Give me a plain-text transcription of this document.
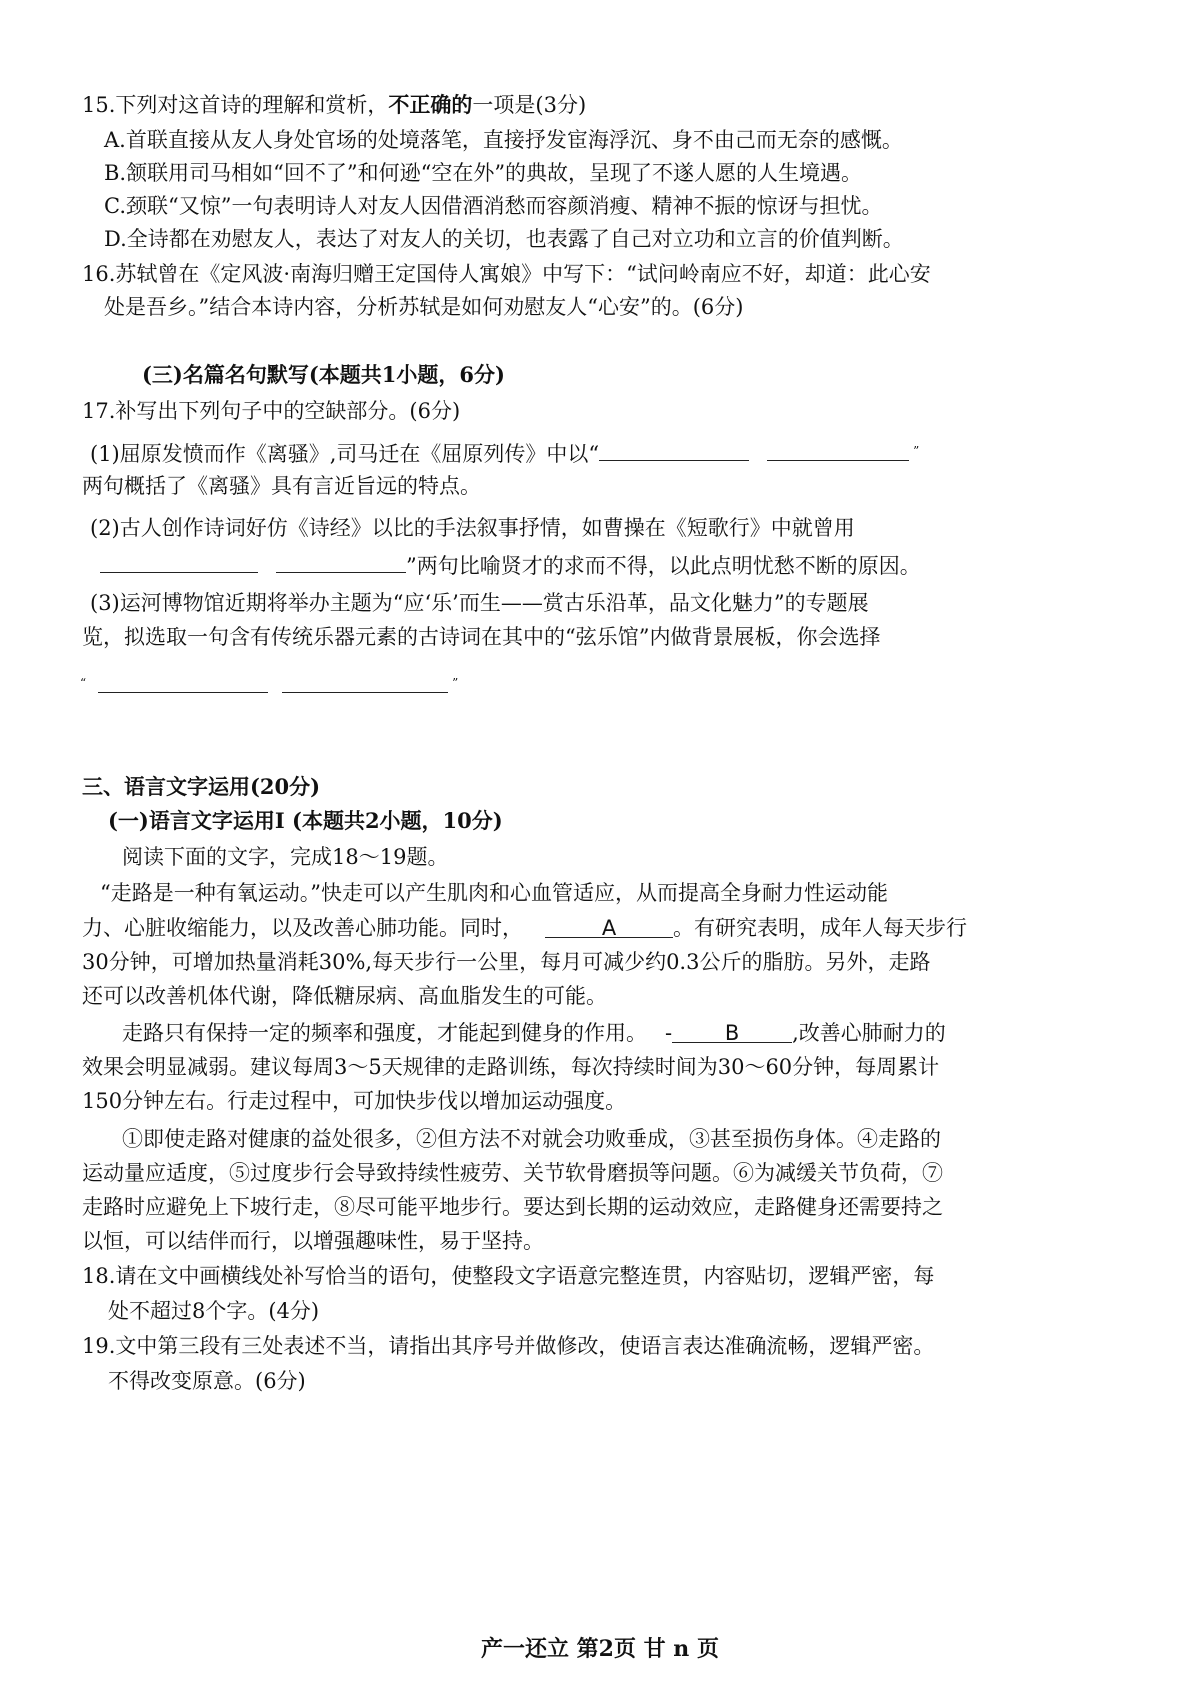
15.下列对这首诗的理解和赏析，不正确的一项是(3分)
A.首联直接从友人身处官场的处境落笔，直接抒发宦海浮沉、身不由己而无奈的感慨。
B.颔联用司马相如“回不了”和何逊“空在外”的典故，呈现了不遂人愿的人生境遇。
C.颈联“又惊”一句表明诗人对友人因借酒消愁而容颜消瘦、精神不振的惊讶与担忧。
D.全诗都在劝慰友人，表达了对友人的关切，也表露了自己对立功和立言的价值判断。
16.苏轼曾在《定风波·南海归赠王定国侍人寓娘》中写下：“试问岭南应不好，却道：此心安
处是吾乡。”结合本诗内容，分析苏轼是如何劝慰友人“心安”的。(6分)
(三)名篇名句默写(本题共1小题，6分)
17.补写出下列句子中的空缺部分。(6分)
(1)屈原发愤而作《离骚》,司马迁在《屈原列传》中以“	”
两句概括了《离骚》具有言近旨远的特点。
(2)古人创作诗词好仿《诗经》以比的手法叙事抒情，如曹操在《短歌行》中就曾用
”两句比喻贤才的求而不得，以此点明忧愁不断的原因。
(3)运河博物馆近期将举办主题为“应‘乐’而生——赏古乐沿革，品文化魅力”的专题展
览，拟选取一句含有传统乐器元素的古诗词在其中的“弦乐馆”内做背景展板，你会选择
“	”
三、语言文字运用(20分)
(一)语言文字运用Ⅰ (本题共2小题，10分)
阅读下面的文字，完成18～19题。
“走路是一种有氧运动。”快走可以产生肌肉和心血管适应，从而提高全身耐力性运动能
力、心脏收缩能力，以及改善心肺功能。同时，	A	。有研究表明，成年人每天步行
30分钟，可增加热量消耗30%,每天步行一公里，每月可减少约0.3公斤的脂肪。另外，走路
还可以改善机体代谢，降低糖尿病、高血脂发生的可能。
走路只有保持一定的频率和强度，才能起到健身的作用。 -	B	,改善心肺耐力的
效果会明显减弱。建议每周3～5天规律的走路训练，每次持续时间为30～60分钟，每周累计
150分钟左右。行走过程中，可加快步伐以增加运动强度。
①即使走路对健康的益处很多，②但方法不对就会功败垂成，③甚至损伤身体。④走路的
运动量应适度，⑤过度步行会导致持续性疲劳、关节软骨磨损等问题。⑥为减缓关节负荷，⑦
走路时应避免上下坡行走，⑧尽可能平地步行。要达到长期的运动效应，走路健身还需要持之
以恒，可以结伴而行，以增强趣味性，易于坚持。
18.请在文中画横线处补写恰当的语句，使整段文字语意完整连贯，内容贴切，逻辑严密，每
处不超过8个字。(4分)
19.文中第三段有三处表述不当，请指出其序号并做修改，使语言表达准确流畅，逻辑严密。
不得改变原意。(6分)
产一还立 第2页 甘 n 页
